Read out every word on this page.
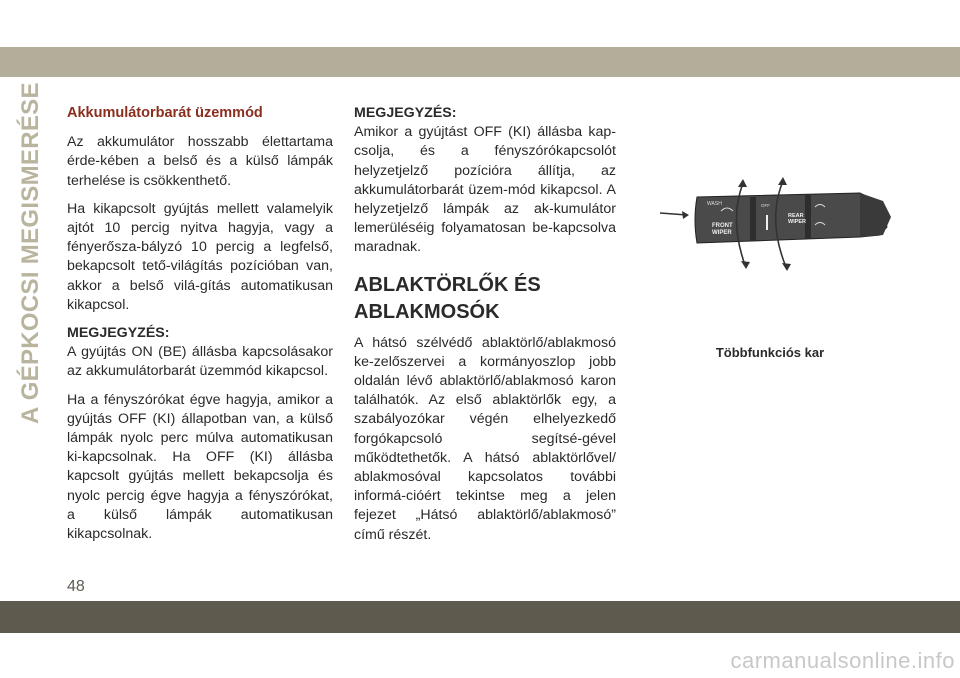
A GÉPKOCSI MEGISMERÉSE Akkumulátorbarát üzemmód

Az akkumulátor hosszabb élettartama érde-kében a belső és a külső lámpák terhelése is csökkenthető.

Ha kikapcsolt gyújtás mellett valamelyik ajtót 10 percig nyitva hagyja, vagy a fényerősza-bályzó 10 percig a legfelső, bekapcsolt tető-világítás pozícióban van, akkor a belső vilá-gítás automatikusan kikapcsol.

MEGJEGYZÉS:
A gyújtás ON (BE) állásba kapcsolásakor az akkumulátorbarát üzemmód kikapcsol.

Ha a fényszórókat égve hagyja, amikor a gyújtás OFF (KI) állapotban van, a külső lámpák nyolc perc múlva automatikusan ki-kapcsolnak. Ha OFF (KI) állásba kapcsolt gyújtás mellett bekapcsolja és nyolc percig égve hagyja a fényszórókat, a külső lámpák automatikusan kikapcsolnak.

MEGJEGYZÉS:
Amikor a gyújtást OFF (KI) állásba kap-csolja, és a fényszórókapcsolót helyzetjelző pozícióra állítja, az akkumulátorbarát üzem-mód kikapcsol. A helyzetjelző lámpák az ak-kumulátor lemerüléséig folyamatosan be-kapcsolva maradnak.

ABLAKTÖRLŐK ÉS
ABLAKMOSÓK

A hátsó szélvédő ablaktörlő/ablakmosó ke-zelőszervei a kormányoszlop jobb oldalán lévő ablaktörlő/ablakmosó karon találhatók. Az első ablaktörlők egy, a szabályozókar végén elhelyezkedő forgókapcsoló segítsé-gével működtethetők. A hátsó ablaktörlővel/ ablakmosóval kapcsolatos további informá-cióért tekintse meg a jelen fejezet „Hátsó ablaktörlő/ablakmosó” című részét.

WASH
FRONT
WIPER
OFF
REAR
WIPER
Többfunkciós kar
48
carmanualsonline.info
